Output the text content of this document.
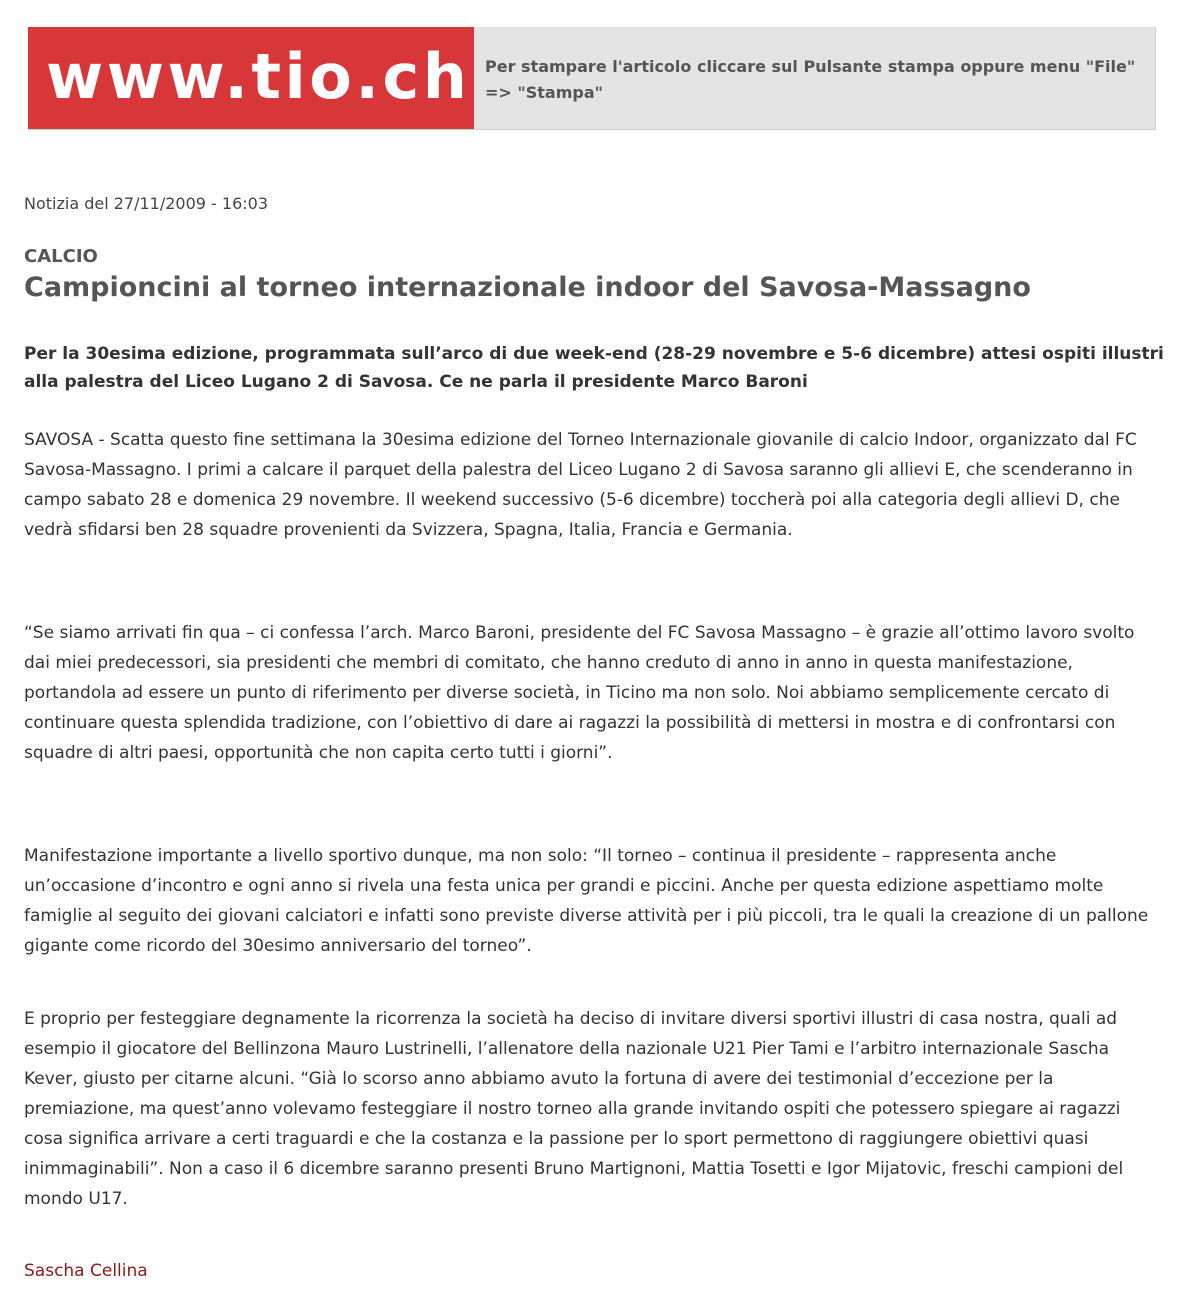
www.tio.ch Per stampare l'articolo cliccare sul Pulsante stampa oppure menu "File" => "Stampa"
Notizia del 27/11/2009 - 16:03
CALCIO
Campioncini al torneo internazionale indoor del Savosa-Massagno
Per la 30esima edizione, programmata sull’arco di due week-end (28-29 novembre e 5-6 dicembre) attesi ospiti illustri alla palestra del Liceo Lugano 2 di Savosa. Ce ne parla il presidente Marco Baroni
SAVOSA - Scatta questo fine settimana la 30esima edizione del Torneo Internazionale giovanile di calcio Indoor, organizzato dal FC Savosa-Massagno. I primi a calcare il parquet della palestra del Liceo Lugano 2 di Savosa saranno gli allievi E, che scenderanno in campo sabato 28 e domenica 29 novembre. Il weekend successivo (5-6 dicembre) toccherà poi alla categoria degli allievi D, che vedrà sfidarsi ben 28 squadre provenienti da Svizzera, Spagna, Italia, Francia e Germania.
“Se siamo arrivati fin qua – ci confessa l’arch. Marco Baroni, presidente del FC Savosa Massagno – è grazie all’ottimo lavoro svolto dai miei predecessori, sia presidenti che membri di comitato, che hanno creduto di anno in anno in questa manifestazione, portandola ad essere un punto di riferimento per diverse società, in Ticino ma non solo. Noi abbiamo semplicemente cercato di continuare questa splendida tradizione, con l’obiettivo di dare ai ragazzi la possibilità di mettersi in mostra e di confrontarsi con squadre di altri paesi, opportunità che non capita certo tutti i giorni”.
Manifestazione importante a livello sportivo dunque, ma non solo: “Il torneo – continua il presidente – rappresenta anche un’occasione d’incontro e ogni anno si rivela una festa unica per grandi e piccini. Anche per questa edizione aspettiamo molte famiglie al seguito dei giovani calciatori e infatti sono previste diverse attività per i più piccoli, tra le quali la creazione di un pallone gigante come ricordo del 30esimo anniversario del torneo”.
E proprio per festeggiare degnamente la ricorrenza la società ha deciso di invitare diversi sportivi illustri di casa nostra, quali ad esempio il giocatore del Bellinzona Mauro Lustrinelli, l’allenatore della nazionale U21 Pier Tami e l’arbitro internazionale Sascha Kever, giusto per citarne alcuni. “Già lo scorso anno abbiamo avuto la fortuna di avere dei testimonial d’eccezione per la premiazione, ma quest’anno volevamo festeggiare il nostro torneo alla grande invitando ospiti che potessero spiegare ai ragazzi cosa significa arrivare a certi traguardi e che la costanza e la passione per lo sport permettono di raggiungere obiettivi quasi inimmaginabili”. Non a caso il 6 dicembre saranno presenti Bruno Martignoni, Mattia Tosetti e Igor Mijatovic, freschi campioni del mondo U17.
Sascha Cellina
